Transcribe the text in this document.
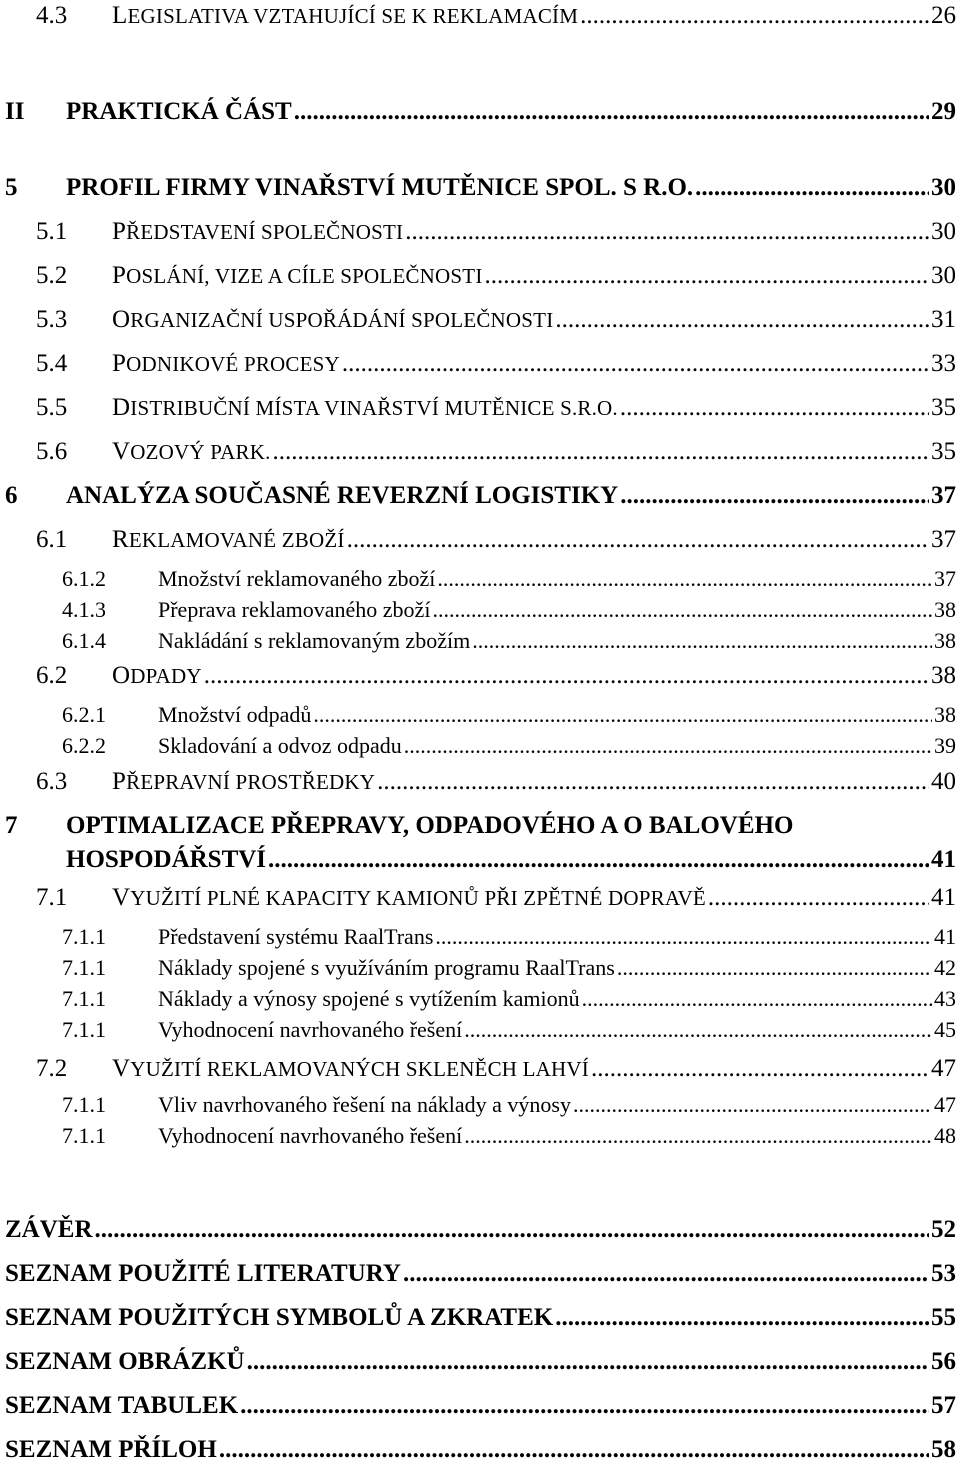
4.3	LEGISLATIVA VZTAHUJÍCÍ SE K REKLAMACÍM .....	26
II	PRAKTICKÁ ČÁST .....	29
5	PROFIL FIRMY VINAŘSTVÍ MUTĚNICE SPOL. S R.O. .....	30
5.1	PŘEDSTAVENÍ SPOLEČNOSTI .....	30
5.2	POSLÁNÍ, VIZE A CÍLE SPOLEČNOSTI .....	30
5.3	ORGANIZAČNÍ USPOŘÁDÁNÍ SPOLEČNOSTI .....	31
5.4	PODNIKOVÉ PROCESY .....	33
5.5	DISTRIBUČNÍ MÍSTA VINAŘSTVÍ MUTĚNICE S.R.O. .....	35
5.6	VOZOVÝ PARK. .....	35
6	ANALÝZA SOUČASNÉ REVERZNÍ LOGISTIKY .....	37
6.1	REKLAMOVANÉ ZBOŽÍ .....	37
6.1.2	Množství reklamovaného zboží .....	37
4.1.3	Přeprava reklamovaného zboží .....	38
6.1.4	Nakládání s reklamovaným zbožím .....	38
6.2	ODPADY .....	38
6.2.1	Množství odpadů .....	38
6.2.2	Skladování a odvoz odpadu .....	39
6.3	PŘEPRAVNÍ PROSTŘEDKY .....	40
7	OPTIMALIZACE PŘEPRAVY, ODPADOVÉHO A O BALOVÉHO
HOSPODÁŘSTVÍ .....	41
7.1	VYUŽITÍ PLNÉ KAPACITY KAMIONŮ PŘI ZPĚTNÉ DOPRAVĚ .....	41
7.1.1	Představení systému RaalTrans .....	41
7.1.1	Náklady spojené s využíváním programu RaalTrans .....	42
7.1.1	Náklady a výnosy spojené s vytížením kamionů .....	43
7.1.1	Vyhodnocení navrhovaného řešení .....	45
7.2	VYUŽITÍ REKLAMOVANÝCH SKLENĚCH LAHVÍ .....	47
7.1.1	Vliv navrhovaného řešení na náklady a výnosy .....	47
7.1.1	Vyhodnocení navrhovaného řešení .....	48
ZÁVĚR .....	52
SEZNAM POUŽITÉ LITERATURY .....	53
SEZNAM POUŽITÝCH SYMBOLŮ A ZKRATEK .....	55
SEZNAM OBRÁZKŮ .....	56
SEZNAM TABULEK .....	57
SEZNAM PŘÍLOH .....	58
